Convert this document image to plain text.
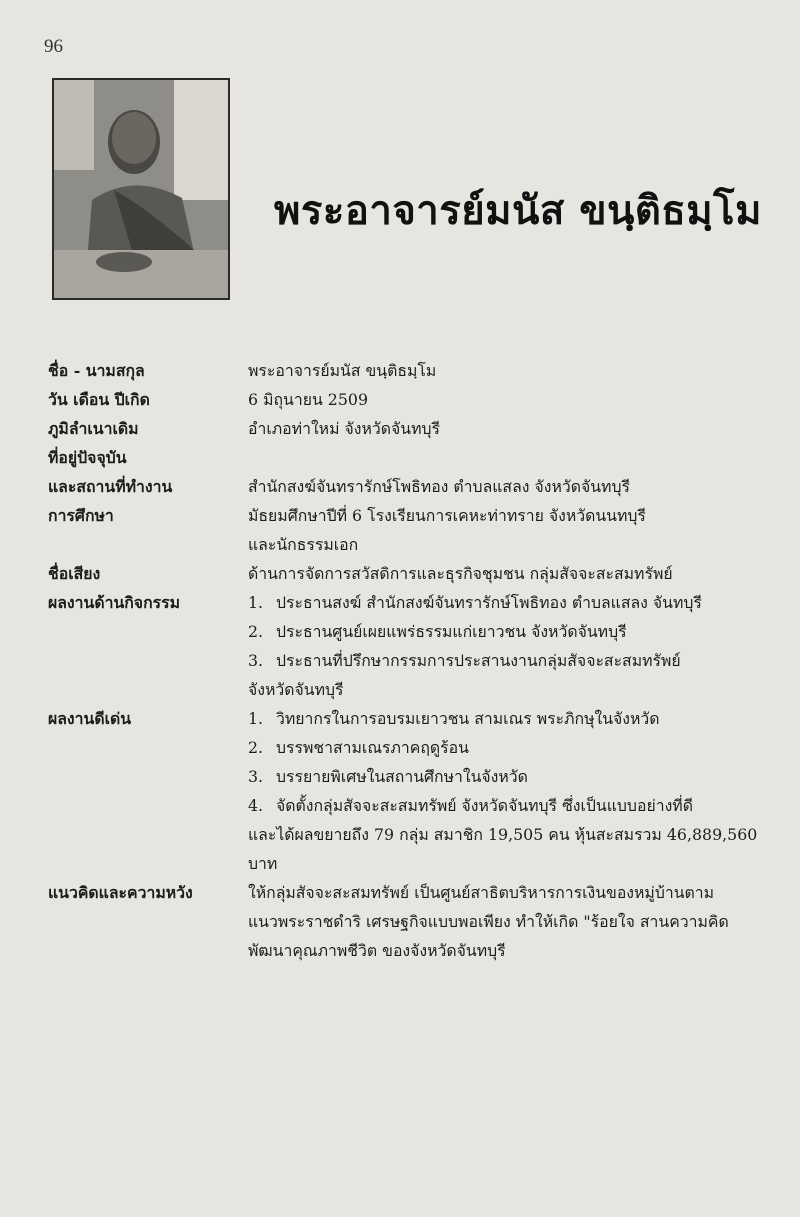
96
พระอาจารย์มนัส ขนฺติธมฺโม
ชื่อ - นามสกุล	พระอาจารย์มนัส ขนฺติธมฺโม
วัน เดือน ปีเกิด	6 มิถุนายน 2509
ภูมิลำเนาเดิม	อำเภอท่าใหม่ จังหวัดจันทบุรี
ที่อยู่ปัจจุบัน
และสถานที่ทำงาน	สำนักสงฆ์จันทรารักษ์โพธิทอง ตำบลแสลง จังหวัดจันทบุรี
การศึกษา	มัธยมศึกษาปีที่ 6 โรงเรียนการเคหะท่าทราย จังหวัดนนทบุรี
และนักธรรมเอก
ชื่อเสียง	ด้านการจัดการสวัสดิการและธุรกิจชุมชน กลุ่มสัจจะสะสมทรัพย์
ผลงานด้านกิจกรรม	1. ประธานสงฆ์ สำนักสงฆ์จันทรารักษ์โพธิทอง ตำบลแสลง จันทบุรี
2. ประธานศูนย์เผยแพร่ธรรมแก่เยาวชน จังหวัดจันทบุรี
3. ประธานที่ปรึกษากรรมการประสานงานกลุ่มสัจจะสะสมทรัพย์
จังหวัดจันทบุรี
ผลงานดีเด่น	1. วิทยากรในการอบรมเยาวชน สามเณร พระภิกษุในจังหวัด
2. บรรพชาสามเณรภาคฤดูร้อน
3. บรรยายพิเศษในสถานศึกษาในจังหวัด
4. จัดตั้งกลุ่มสัจจะสะสมทรัพย์ จังหวัดจันทบุรี ซึ่งเป็นแบบอย่างที่ดี
และได้ผลขยายถึง 79 กลุ่ม สมาชิก 19,505 คน หุ้นสะสมรวม 46,889,560
บาท
แนวคิดและความหวัง	ให้กลุ่มสัจจะสะสมทรัพย์ เป็นศูนย์สาธิตบริหารการเงินของหมู่บ้านตาม
แนวพระราชดำริ เศรษฐกิจแบบพอเพียง ทำให้เกิด "ร้อยใจ สานความคิด
พัฒนาคุณภาพชีวิต ของจังหวัดจันทบุรี
